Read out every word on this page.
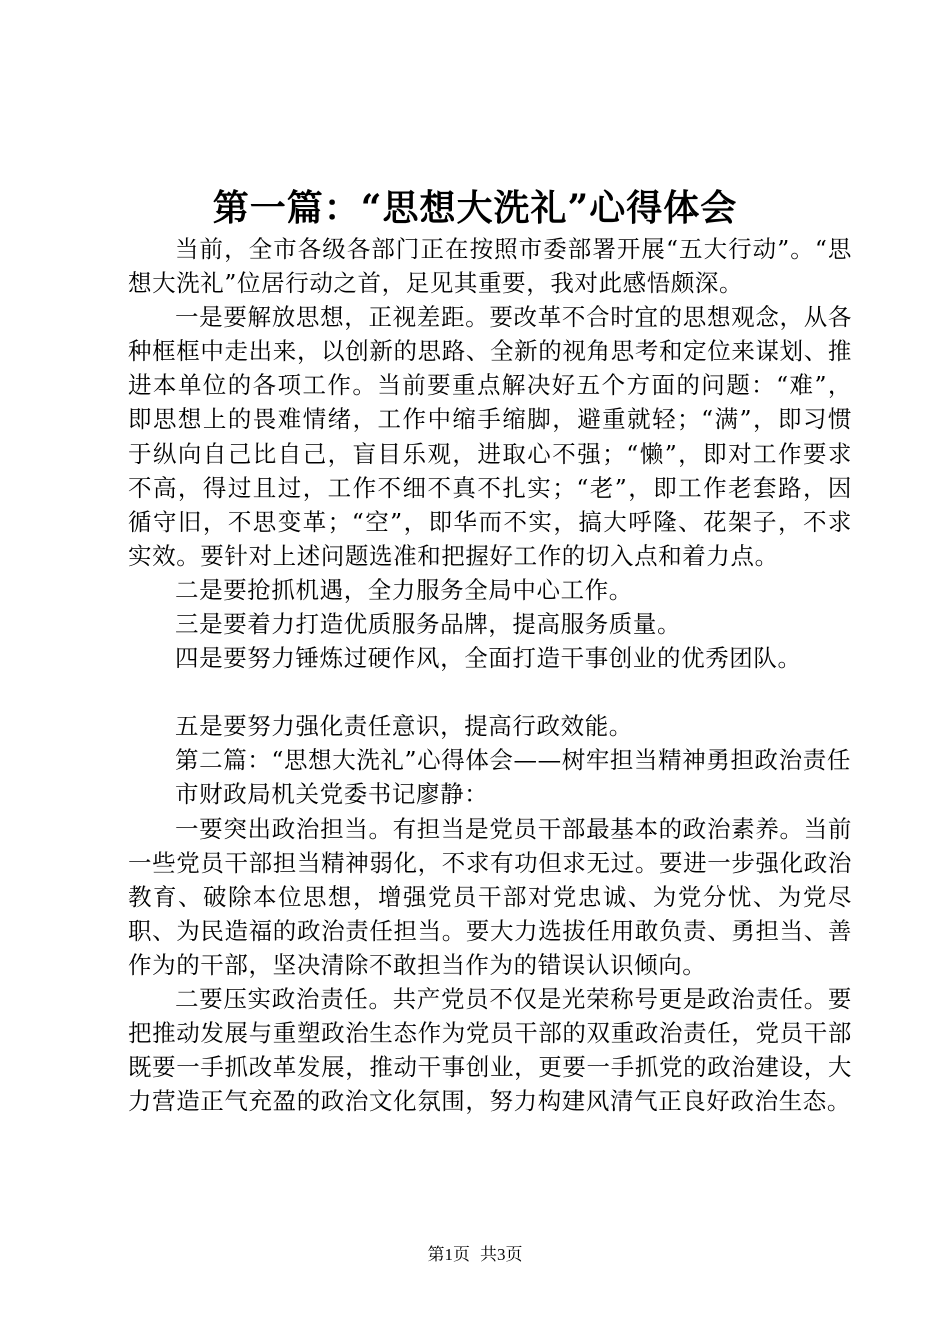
第一篇：“思想大洗礼”心得体会

当前，全市各级各部门正在按照市委部署开展“五大行动”。“思想大洗礼”位居行动之首，足见其重要，我对此感悟颇深。

一是要解放思想，正视差距。要改革不合时宜的思想观念，从各种框框中走出来，以创新的思路、全新的视角思考和定位来谋划、推进本单位的各项工作。当前要重点解决好五个方面的问题：“难”，即思想上的畏难情绪，工作中缩手缩脚，避重就轻；“满”，即习惯于纵向自己比自己，盲目乐观，进取心不强；“懒”，即对工作要求不高，得过且过，工作不细不真不扎实；“老”，即工作老套路，因循守旧，不思变革；“空”，即华而不实，搞大呼隆、花架子，不求实效。要针对上述问题选准和把握好工作的切入点和着力点。

二是要抢抓机遇，全力服务全局中心工作。

三是要着力打造优质服务品牌，提高服务质量。

四是要努力锤炼过硬作风，全面打造干事创业的优秀团队。

五是要努力强化责任意识，提高行政效能。

第二篇：“思想大洗礼”心得体会——树牢担当精神勇担政治责任

市财政局机关党委书记廖静：

一要突出政治担当。有担当是党员干部最基本的政治素养。当前一些党员干部担当精神弱化，不求有功但求无过。要进一步强化政治教育、破除本位思想，增强党员干部对党忠诚、为党分忧、为党尽职、为民造福的政治责任担当。要大力选拔任用敢负责、勇担当、善作为的干部，坚决清除不敢担当作为的错误认识倾向。

二要压实政治责任。共产党员不仅是光荣称号更是政治责任。要把推动发展与重塑政治生态作为党员干部的双重政治责任，党员干部既要一手抓改革发展，推动干事创业，更要一手抓党的政治建设，大力营造正气充盈的政治文化氛围，努力构建风清气正良好政治生态。

第1页 共3页
